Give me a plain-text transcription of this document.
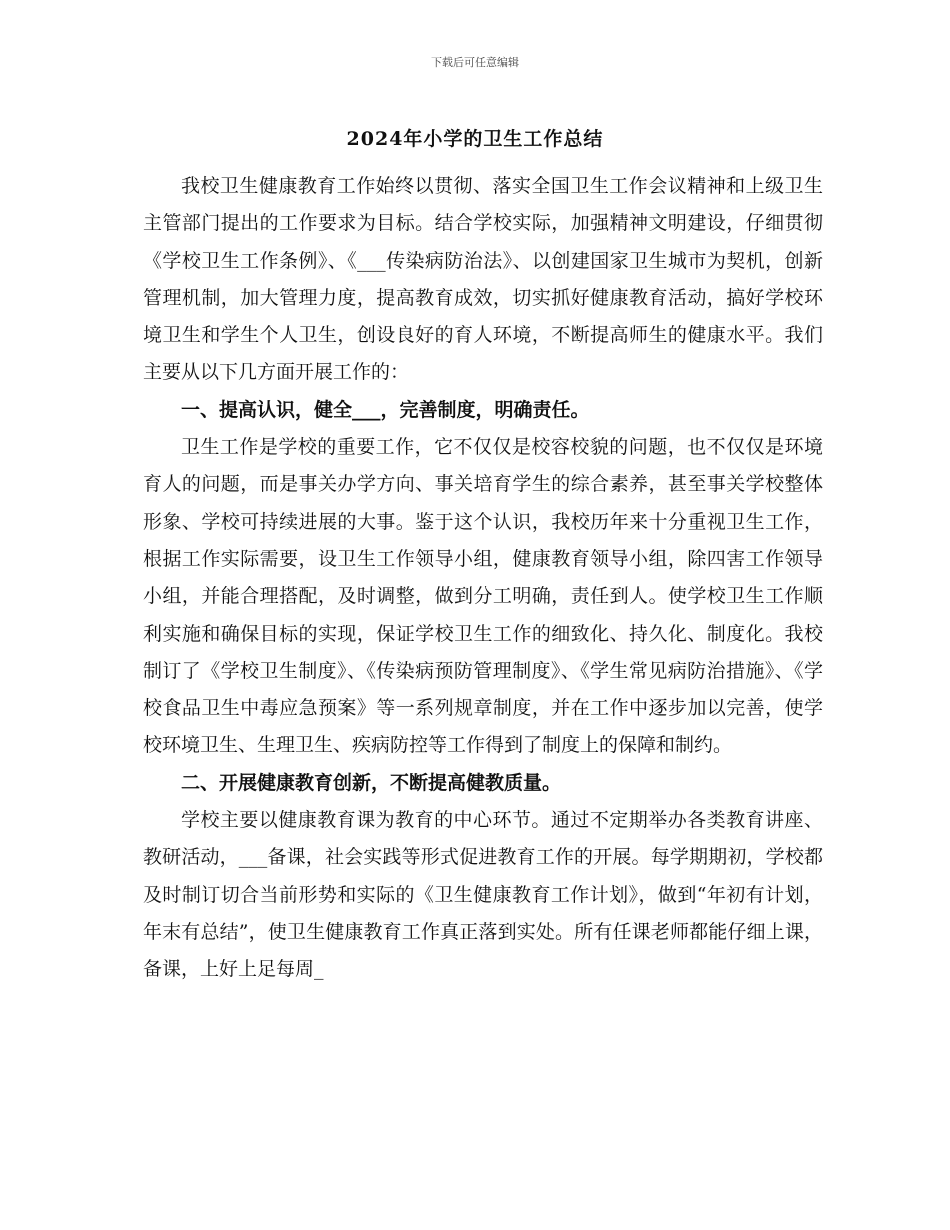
下载后可任意编辑
2024年小学的卫生工作总结

我校卫生健康教育工作始终以贯彻、落实全国卫生工作会议精神和上级卫生主管部门提出的工作要求为目标。结合学校实际，加强精神文明建设，仔细贯彻《学校卫生工作条例》、《___传染病防治法》、以创建国家卫生城市为契机，创新管理机制，加大管理力度，提高教育成效，切实抓好健康教育活动，搞好学校环境卫生和学生个人卫生，创设良好的育人环境，不断提高师生的健康水平。我们主要从以下几方面开展工作的：

一、提高认识，健全___，完善制度，明确责任。

卫生工作是学校的重要工作，它不仅仅是校容校貌的问题，也不仅仅是环境育人的问题，而是事关办学方向、事关培育学生的综合素养，甚至事关学校整体形象、学校可持续进展的大事。鉴于这个认识，我校历年来十分重视卫生工作，根据工作实际需要，设卫生工作领导小组，健康教育领导小组，除四害工作领导小组，并能合理搭配，及时调整，做到分工明确，责任到人。使学校卫生工作顺利实施和确保目标的实现，保证学校卫生工作的细致化、持久化、制度化。我校制订了《学校卫生制度》、《传染病预防管理制度》、《学生常见病防治措施》、《学校食品卫生中毒应急预案》等一系列规章制度，并在工作中逐步加以完善，使学校环境卫生、生理卫生、疾病防控等工作得到了制度上的保障和制约。

二、开展健康教育创新，不断提高健教质量。

学校主要以健康教育课为教育的中心环节。通过不定期举办各类教育讲座、教研活动，___备课，社会实践等形式促进教育工作的开展。每学期期初，学校都及时制订切合当前形势和实际的《卫生健康教育工作计划》，做到“年初有计划，年末有总结”，使卫生健康教育工作真正落到实处。所有任课老师都能仔细上课，备课，上好上足每周_
